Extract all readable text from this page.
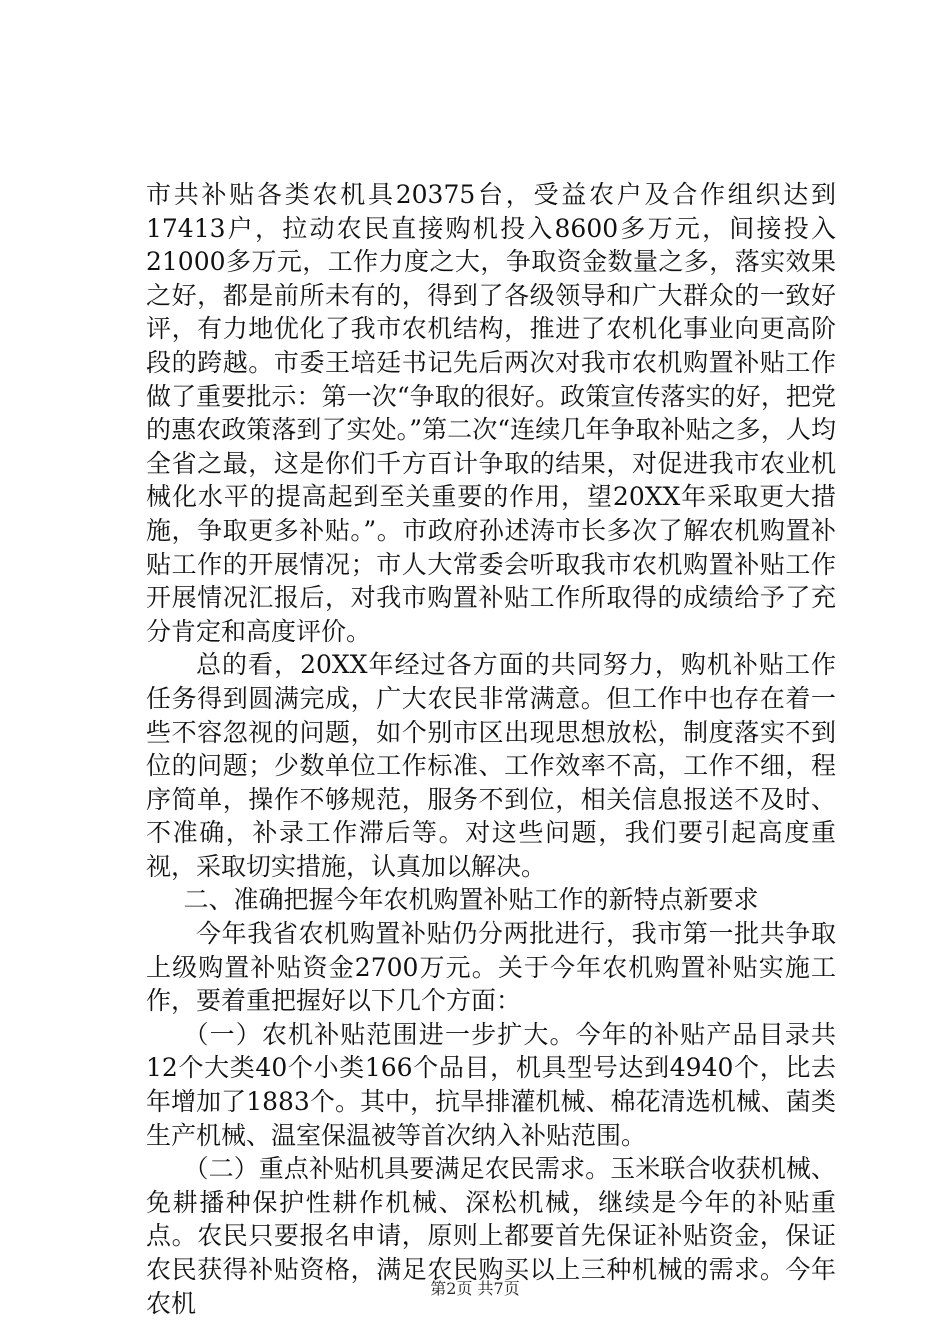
市共补贴各类农机具20375台，受益农户及合作组织达到17413户，拉动农民直接购机投入8600多万元，间接投入21000多万元，工作力度之大，争取资金数量之多，落实效果之好，都是前所未有的，得到了各级领导和广大群众的一致好评，有力地优化了我市农机结构，推进了农机化事业向更高阶段的跨越。市委王培廷书记先后两次对我市农机购置补贴工作做了重要批示：第一次“争取的很好。政策宣传落实的好，把党的惠农政策落到了实处。”第二次“连续几年争取补贴之多，人均全省之最，这是你们千方百计争取的结果，对促进我市农业机械化水平的提高起到至关重要的作用，望20XX年采取更大措施，争取更多补贴。”。市政府孙述涛市长多次了解农机购置补贴工作的开展情况；市人大常委会听取我市农机购置补贴工作开展情况汇报后，对我市购置补贴工作所取得的成绩给予了充分肯定和高度评价。

总的看，20XX年经过各方面的共同努力，购机补贴工作任务得到圆满完成，广大农民非常满意。但工作中也存在着一些不容忽视的问题，如个别市区出现思想放松，制度落实不到位的问题；少数单位工作标准、工作效率不高，工作不细，程序简单，操作不够规范，服务不到位，相关信息报送不及时、不准确，补录工作滞后等。对这些问题，我们要引起高度重视，采取切实措施，认真加以解决。

二、准确把握今年农机购置补贴工作的新特点新要求

今年我省农机购置补贴仍分两批进行，我市第一批共争取上级购置补贴资金2700万元。关于今年农机购置补贴实施工作，要着重把握好以下几个方面：

（一）农机补贴范围进一步扩大。今年的补贴产品目录共12个大类40个小类166个品目，机具型号达到4940个，比去年增加了1883个。其中，抗旱排灌机械、棉花清选机械、菌类生产机械、温室保温被等首次纳入补贴范围。

（二）重点补贴机具要满足农民需求。玉米联合收获机械、免耕播种保护性耕作机械、深松机械，继续是今年的补贴重点。农民只要报名申请，原则上都要首先保证补贴资金，保证农民获得补贴资格，满足农民购买以上三种机械的需求。今年农机

第2页 共7页
